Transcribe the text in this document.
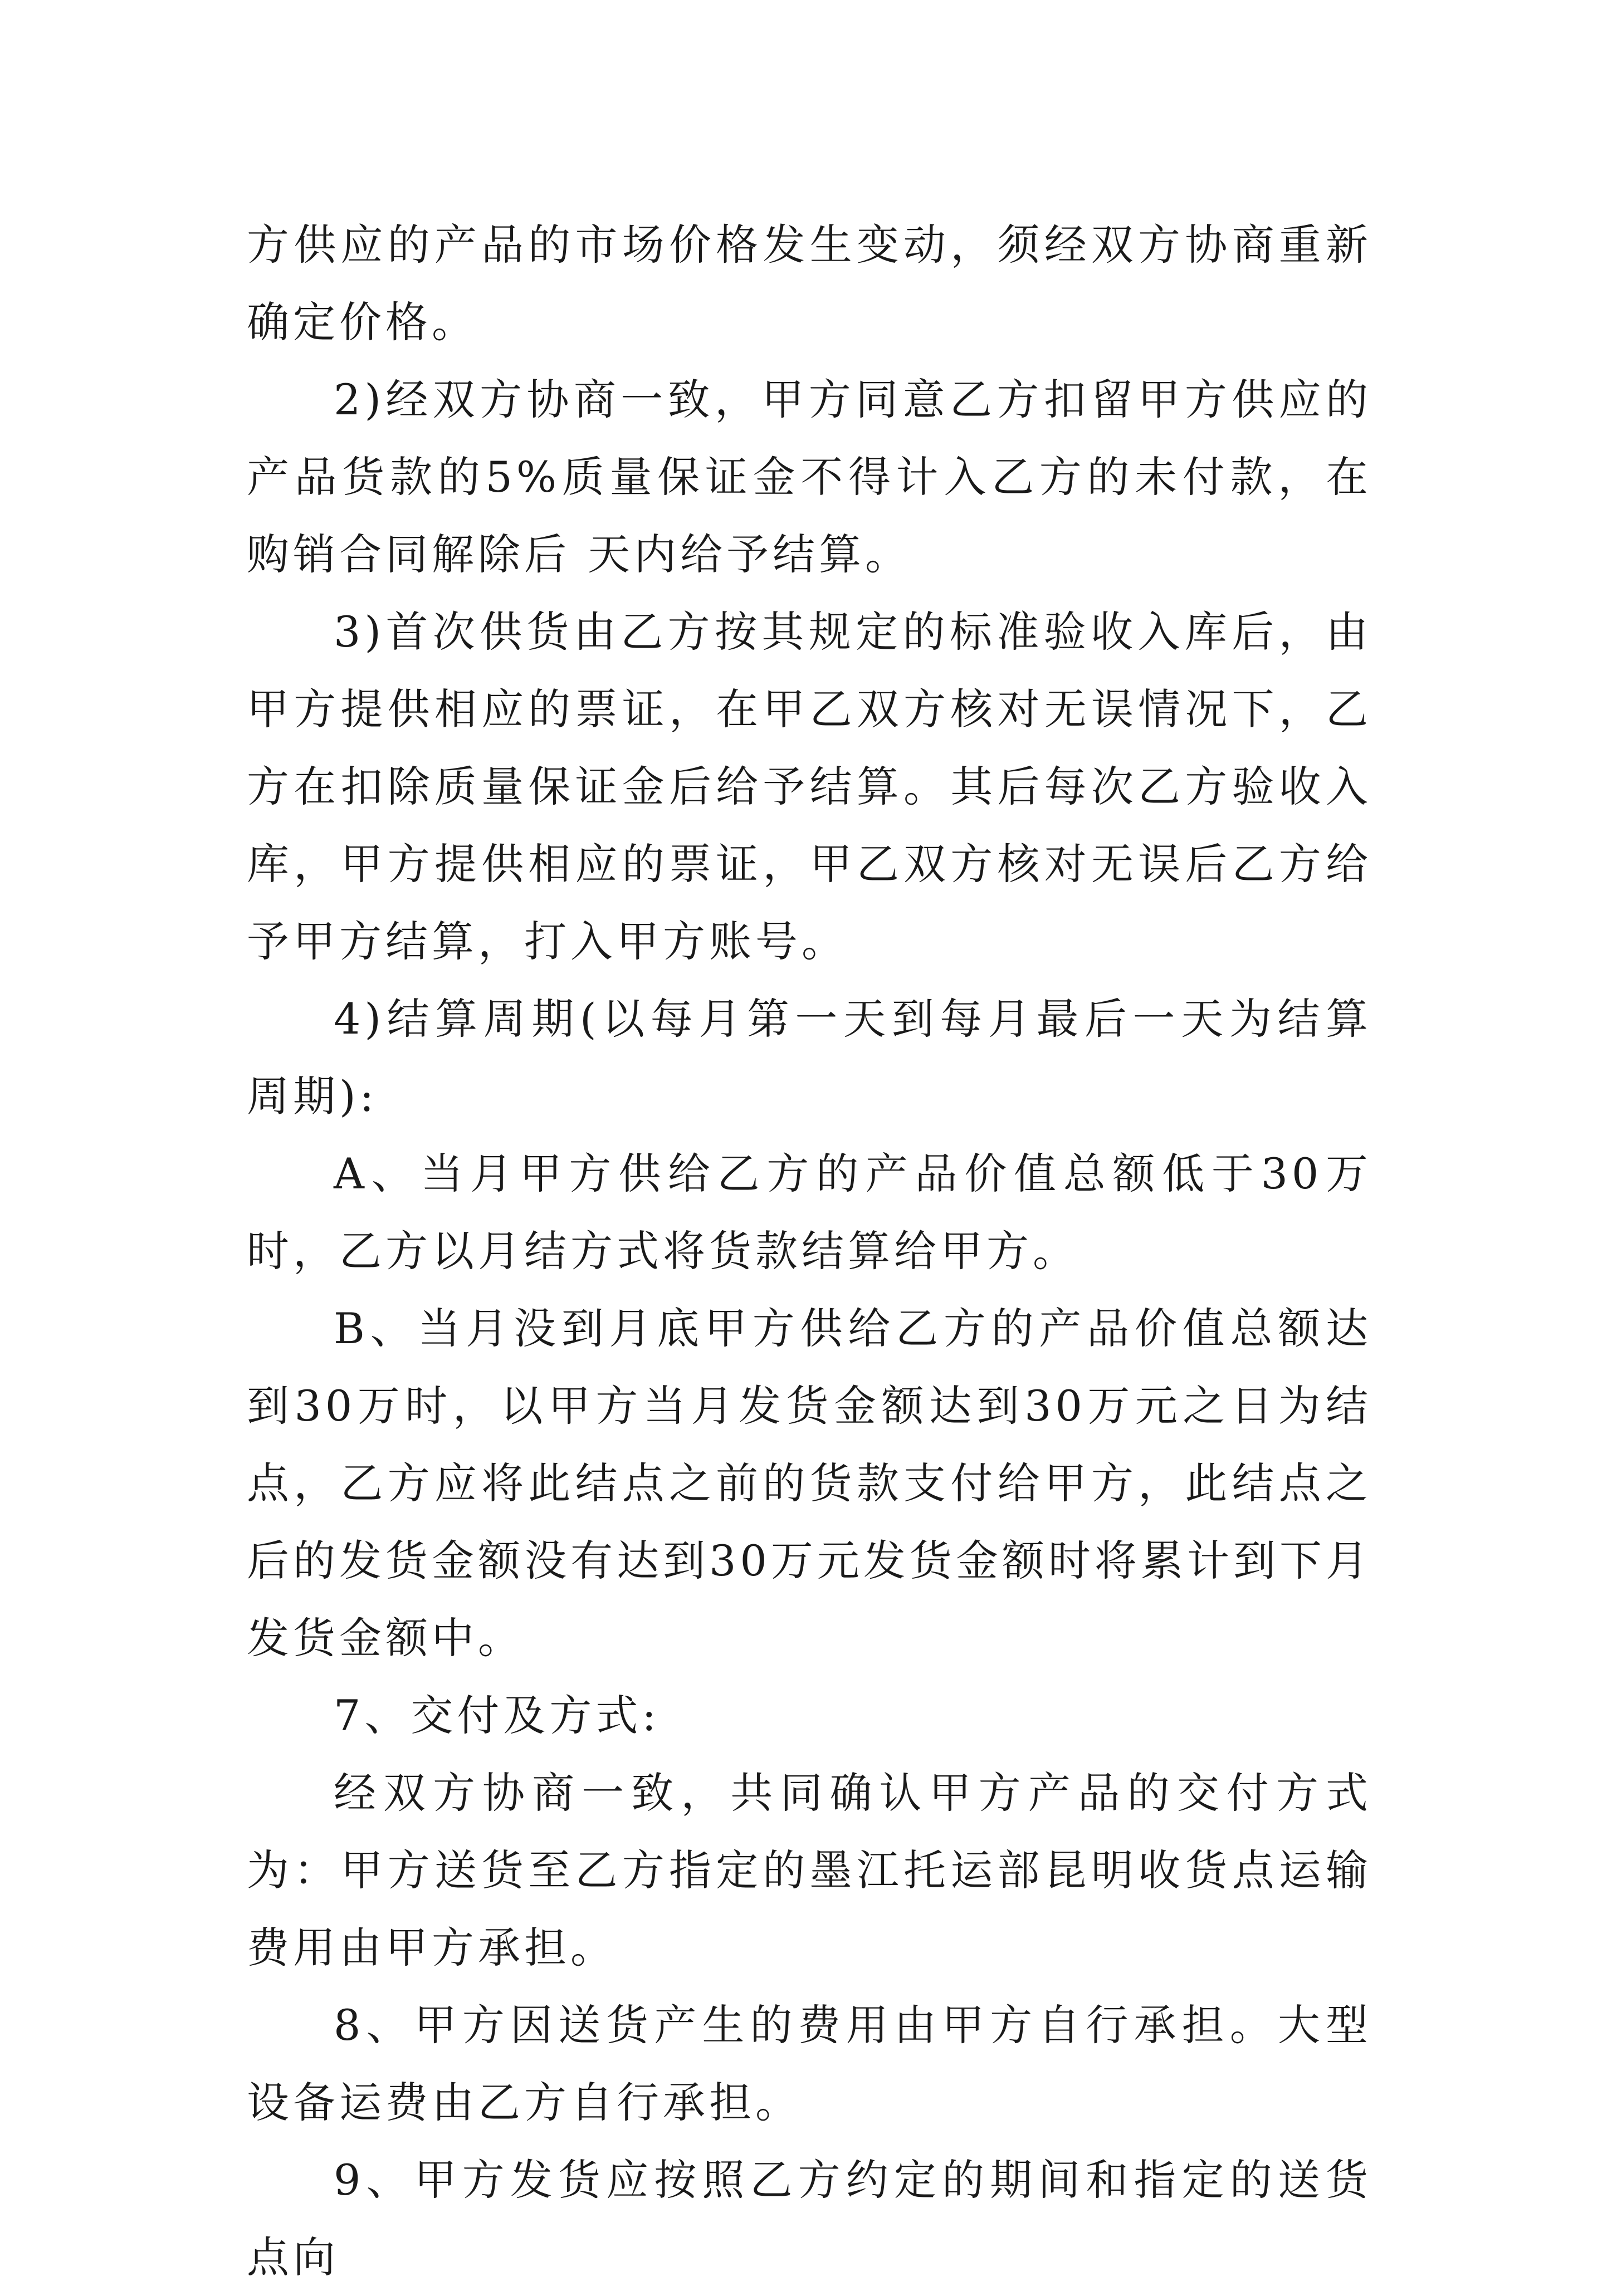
方供应的产品的市场价格发生变动，须经双方协商重新确定价格。

2)经双方协商一致，甲方同意乙方扣留甲方供应的产品货款的5%质量保证金不得计入乙方的未付款，在购销合同解除后 天内给予结算。

3)首次供货由乙方按其规定的标准验收入库后，由甲方提供相应的票证，在甲乙双方核对无误情况下，乙方在扣除质量保证金后给予结算。其后每次乙方验收入库，甲方提供相应的票证，甲乙双方核对无误后乙方给予甲方结算，打入甲方账号。

4)结算周期(以每月第一天到每月最后一天为结算周期):

A、当月甲方供给乙方的产品价值总额低于30万时，乙方以月结方式将货款结算给甲方。

B、当月没到月底甲方供给乙方的产品价值总额达到30万时，以甲方当月发货金额达到30万元之日为结点，乙方应将此结点之前的货款支付给甲方，此结点之后的发货金额没有达到30万元发货金额时将累计到下月发货金额中。

7、交付及方式:

经双方协商一致，共同确认甲方产品的交付方式为：甲方送货至乙方指定的墨江托运部昆明收货点运输费用由甲方承担。

8、甲方因送货产生的费用由甲方自行承担。大型设备运费由乙方自行承担。

9、甲方发货应按照乙方约定的期间和指定的送货点向
